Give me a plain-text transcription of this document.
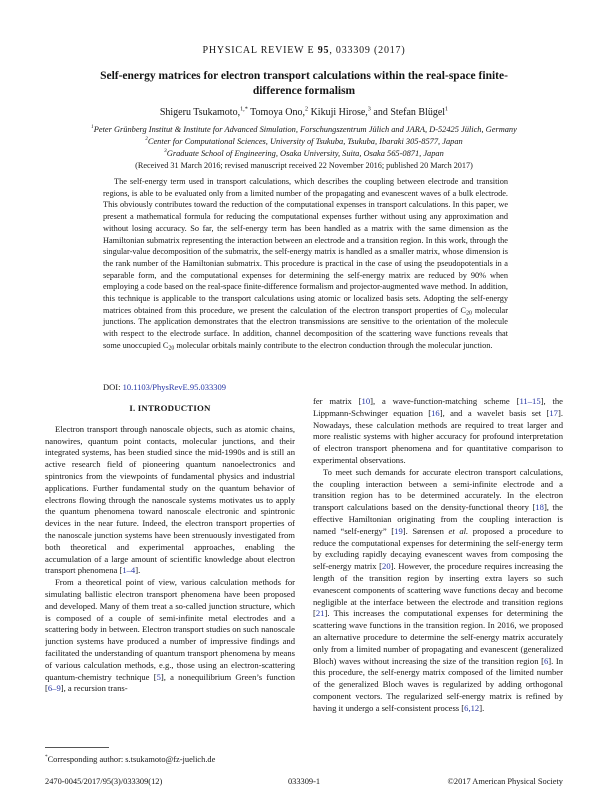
PHYSICAL REVIEW E 95, 033309 (2017)
Self-energy matrices for electron transport calculations within the real-space finite-difference formalism
Shigeru Tsukamoto,$^{1,*}$ Tomoya Ono,$^2$ Kikuji Hirose,$^3$ and Stefan Blügel$^1$
$^1$Peter Grünberg Institut & Institute for Advanced Simulation, Forschungszentrum Jülich and JARA, D-52425 Jülich, Germany
$^2$Center for Computational Sciences, University of Tsukuba, Tsukuba, Ibaraki 305-8577, Japan
$^3$Graduate School of Engineering, Osaka University, Suita, Osaka 565-0871, Japan
(Received 31 March 2016; revised manuscript received 22 November 2016; published 20 March 2017)
The self-energy term used in transport calculations, which describes the coupling between electrode and transition regions, is able to be evaluated only from a limited number of the propagating and evanescent waves of a bulk electrode. This obviously contributes toward the reduction of the computational expenses in transport calculations. In this paper, we present a mathematical formula for reducing the computational expenses further without using any approximation and without losing accuracy. So far, the self-energy term has been handled as a matrix with the same dimension as the Hamiltonian submatrix representing the interaction between an electrode and a transition region. In this work, through the singular-value decomposition of the submatrix, the self-energy matrix is handled as a smaller matrix, whose dimension is the rank number of the Hamiltonian submatrix. This procedure is practical in the case of using the pseudopotentials in a separable form, and the computational expenses for determining the self-energy matrix are reduced by 90% when employing a code based on the real-space finite-difference formalism and projector-augmented wave method. In addition, this technique is applicable to the transport calculations using atomic or localized basis sets. Adopting the self-energy matrices obtained from this procedure, we present the calculation of the electron transport properties of C20 molecular junctions. The application demonstrates that the electron transmissions are sensitive to the orientation of the molecule with respect to the electrode surface. In addition, channel decomposition of the scattering wave functions reveals that some unoccupied C20 molecular orbitals mainly contribute to the electron conduction through the molecular junction.
DOI: 10.1103/PhysRevE.95.033309
I. INTRODUCTION

Electron transport through nanoscale objects, such as atomic chains, nanowires, quantum point contacts, molecular junctions, and their integrated systems, has been studied since the mid-1990s and is still an active research field of pioneering quantum nanoelectronics and spintronics from the viewpoints of fundamental physics and industrial applications. Further fundamental study on the quantum behavior of electrons flowing through the nanoscale systems motivates us to apply the quantum phenomena toward nanoscale electronic and spintronic devices in the near future. Indeed, the electron transport properties of the nanoscale junction systems have been strenuously investigated from both theoretical and experimental approaches, enabling the accumulation of a large amount of scientific knowledge about electron transport phenomena [1–4].

From a theoretical point of view, various calculation methods for simulating ballistic electron transport phenomena have been proposed and developed. Many of them treat a so-called junction structure, which is composed of a couple of semi-infinite metal electrodes and a scattering body in between. Electron transport studies on such nanoscale junction systems have produced a number of impressive findings and facilitated the understanding of quantum transport phenomena by means of various calculation methods, e.g., those using an electron-scattering quantum-chemistry technique [5], a nonequilibrium Green’s function [6–9], a recursion trans-

fer matrix [10], a wave-function-matching scheme [11–15], the Lippmann-Schwinger equation [16], and a wavelet basis set [17]. Nowadays, these calculation methods are required to treat larger and more realistic systems with higher accuracy for profound interpretation of electron transport phenomena and for quantitative comparison to experimental observations.

To meet such demands for accurate electron transport calculations, the coupling interaction between a semi-infinite electrode and a transition region has to be determined accurately. In the electron transport calculations based on the density-functional theory [18], the effective Hamiltonian originating from the coupling interaction is named “self-energy” [19]. Sørensen et al. proposed a procedure to reduce the computational expenses for determining the self-energy term by excluding rapidly decaying evanescent waves from composing the self-energy matrix [20]. However, the procedure requires increasing the length of the transition region by inserting extra layers so such evanescent components of scattering wave functions decay and become negligible at the interface between the electrode and transition regions [21]. This increases the computational expenses for determining the scattering wave functions in the transition region. In 2016, we proposed an alternative procedure to determine the self-energy matrix accurately only from a limited number of propagating and evanescent (generalized Bloch) waves without increasing the size of the transition region [6]. In this procedure, the self-energy matrix composed of the limited number of the generalized Bloch waves is regularized by adding orthogonal component vectors. The regularized self-energy matrix is refined by having it undergo a self-consistent process [6,12].

*Corresponding author: s.tsukamoto@fz-juelich.de
2470-0045/2017/95(3)/033309(12)	033309-1	©2017 American Physical Society
